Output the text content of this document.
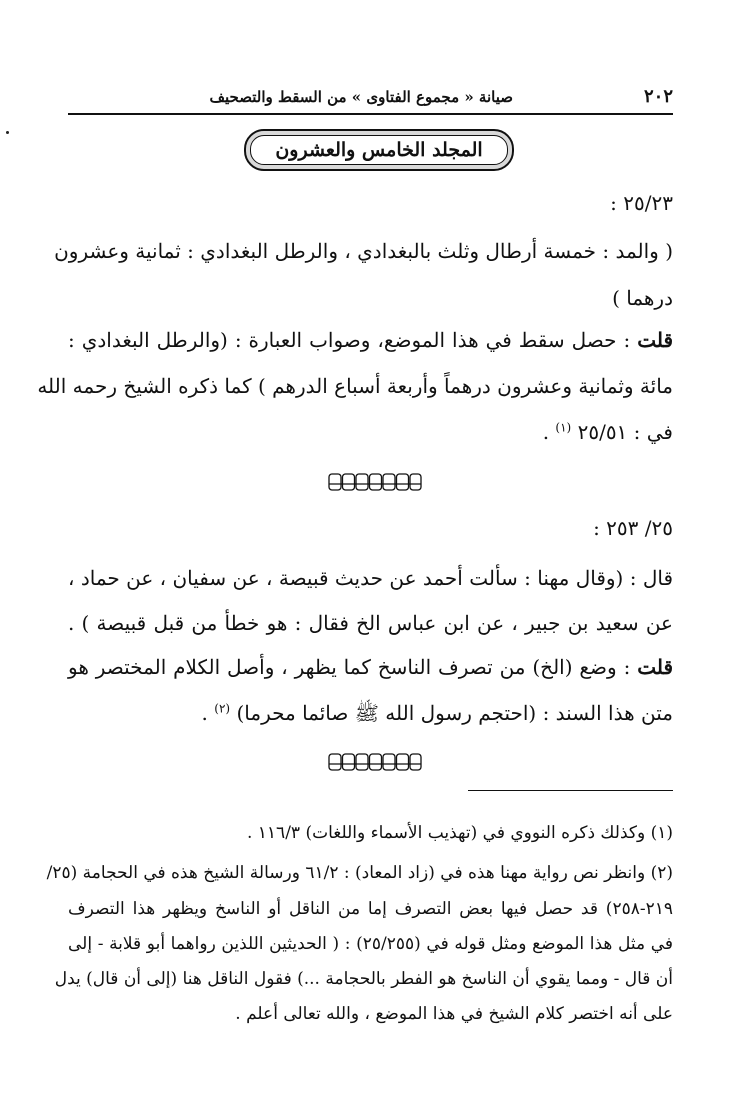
٢٠٢
صيانة « مجموع الفتاوى » من السقط والتصحيف
المجلد الخامس والعشرون
٢٥/٢٣ :
( والمد : خمسة أرطال وثلث بالبغدادي ، والرطل البغدادي : ثمانية وعشرون
درهما )
قلت : حصل سقط في هذا الموضع، وصواب العبارة : (والرطل البغدادي :
مائة وثمانية وعشرون درهماً وأربعة أسباع الدرهم ) كما ذكره الشيخ رحمه الله
في : ٢٥/٥١ $^{(١)}$ .
٢٥/ ٢٥٣ :
قال : (وقال مهنا : سألت أحمد عن حديث قبيصة ، عن سفيان ، عن حماد ،
عن سعيد بن جبير ، عن ابن عباس الخ فقال : هو خطأ من قبل قبيصة ) .
قلت : وضع (الخ) من تصرف الناسخ كما يظهر ، وأصل الكلام المختصر هو
متن هذا السند : (احتجم رسول الله ﷺ صائما محرما) $^{(٢)}$ .
(١) وكذلك ذكره النووي في (تهذيب الأسماء واللغات) ١١٦/٣ .
(٢) وانظر نص رواية مهنا هذه في (زاد المعاد) : ٦١/٢ ورسالة الشيخ هذه في الحجامة (٢٥/
٢١٩-٢٥٨) قد حصل فيها بعض التصرف إما من الناقل أو الناسخ ويظهر هذا التصرف
في مثل هذا الموضع ومثل قوله في (٢٥/٢٥٥) : ( الحديثين اللذين رواهما أبو قلابة - إلى
أن قال - ومما يقوي أن الناسخ هو الفطر بالحجامة ...) فقول الناقل هنا (إلى أن قال) يدل
على أنه اختصر كلام الشيخ في هذا الموضع ، والله تعالى أعلم .
